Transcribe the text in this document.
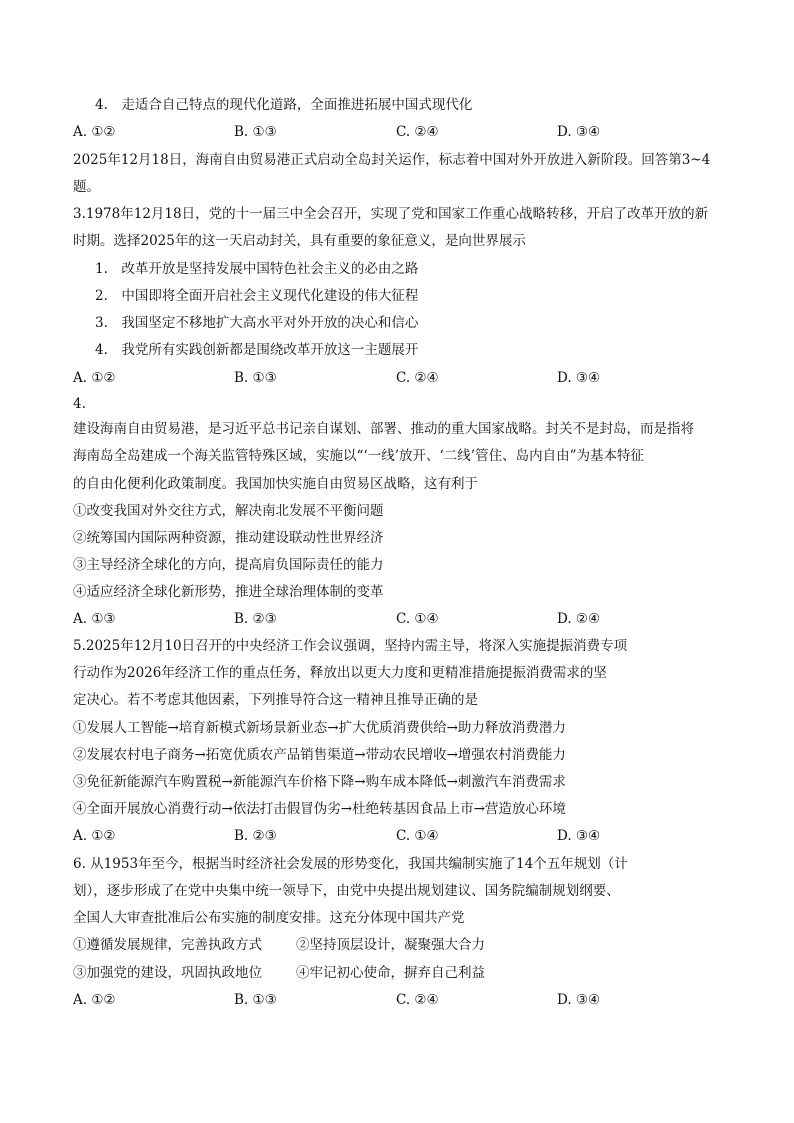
4.　走适合自己特点的现代化道路，全面推进拓展中国式现代化
A. ①②	B. ①③	C. ②④	D. ③④
2025年12月18日，海南自由贸易港正式启动全岛封关运作，标志着中国对外开放进入新阶段。回答第3~4
题。
3.1978年12月18日，党的十一届三中全会召开，实现了党和国家工作重心战略转移，开启了改革开放的新
时期。选择2025年的这一天启动封关，具有重要的象征意义，是向世界展示
1.　改革开放是坚持发展中国特色社会主义的必由之路
2.　中国即将全面开启社会主义现代化建设的伟大征程
3.　我国坚定不移地扩大高水平对外开放的决心和信心
4.　我党所有实践创新都是围绕改革开放这一主题展开
A. ①②	B. ①③	C. ②④	D. ③④
4.
建设海南自由贸易港，是习近平总书记亲自谋划、部署、推动的重大国家战略。封关不是封岛，而是指将
海南岛全岛建成一个海关监管特殊区域，实施以“‘一线’放开、‘二线’管住、岛内自由”为基本特征
的自由化便利化政策制度。我国加快实施自由贸易区战略，这有利于
①改变我国对外交往方式，解决南北发展不平衡问题
②统筹国内国际两种资源，推动建设联动性世界经济
③主导经济全球化的方向，提高肩负国际责任的能力
④适应经济全球化新形势，推进全球治理体制的变革
A. ①③	B. ②③	C. ①④	D. ②④
5.2025年12月10日召开的中央经济工作会议强调，坚持内需主导，将深入实施提振消费专项
行动作为2026年经济工作的重点任务，释放出以更大力度和更精准措施提振消费需求的坚
定决心。若不考虑其他因素，下列推导符合这一精神且推导正确的是
①发展人工智能→培育新模式新场景新业态→扩大优质消费供给→助力释放消费潜力
②发展农村电子商务→拓宽优质农产品销售渠道→带动农民增收→增强农村消费能力
③免征新能源汽车购置税→新能源汽车价格下降→购车成本降低→刺激汽车消费需求
④全面开展放心消费行动→依法打击假冒伪劣→杜绝转基因食品上市→营造放心环境
A. ①②	B. ②③	C. ①④	D. ③④
6. 从1953年至今，根据当时经济社会发展的形势变化，我国共编制实施了14个五年规划（计
划），逐步形成了在党中央集中统一领导下，由党中央提出规划建议、国务院编制规划纲要、
全国人大审查批准后公布实施的制度安排。这充分体现中国共产党
①遵循发展规律，完善执政方式	②坚持顶层设计，凝聚强大合力
③加强党的建设，巩固执政地位	④牢记初心使命，摒弃自己利益
A. ①②	B. ①③	C. ②④	D. ③④
